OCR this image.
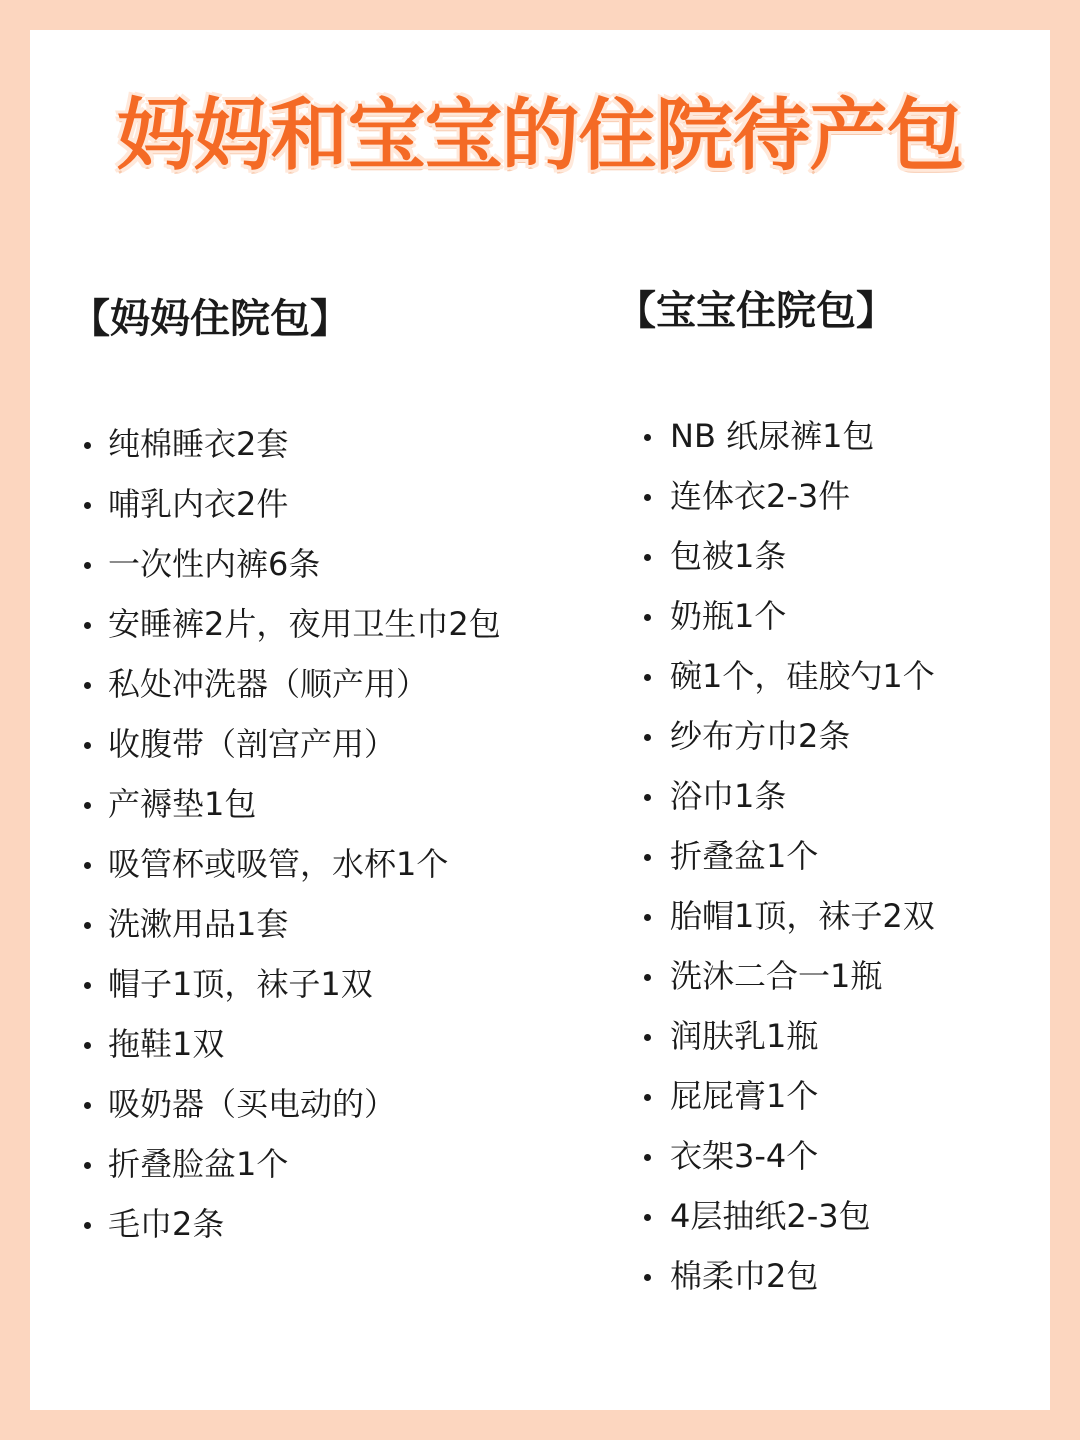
妈妈和宝宝的住院待产包
【妈妈住院包】
纯棉睡衣2套
哺乳内衣2件
一次性内裤6条
安睡裤2片，夜用卫生巾2包
私处冲洗器（顺产用）
收腹带（剖宫产用）
产褥垫1包
吸管杯或吸管，水杯1个
洗漱用品1套
帽子1顶，袜子1双
拖鞋1双
吸奶器（买电动的）
折叠脸盆1个
毛巾2条
【宝宝住院包】
NB 纸尿裤1包
连体衣2-3件
包被1条
奶瓶1个
碗1个，硅胶勺1个
纱布方巾2条
浴巾1条
折叠盆1个
胎帽1顶，袜子2双
洗沐二合一1瓶
润肤乳1瓶
屁屁膏1个
衣架3-4个
4层抽纸2-3包
棉柔巾2包
